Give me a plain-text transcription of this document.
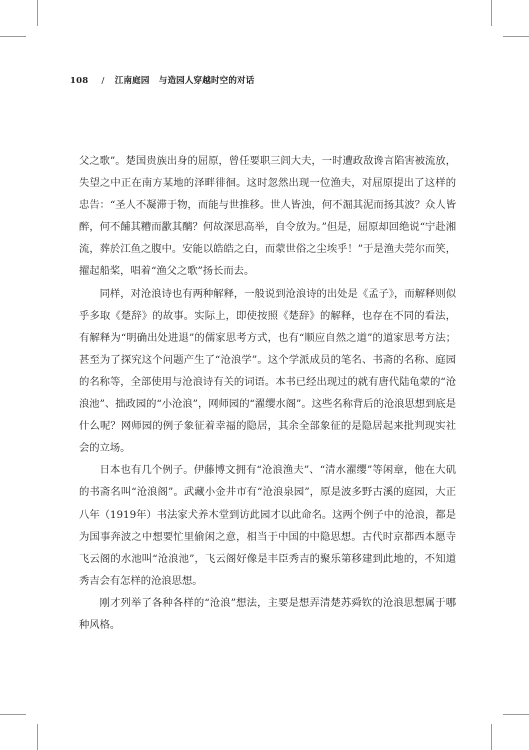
108 / 江南庭园 与造园人穿越时空的对话

父之歌”。楚国贵族出身的屈原，曾任要职三闾大夫，一时遭政敌谗言陷害被流放，失望之中正在南方某地的泽畔徘徊。这时忽然出现一位渔夫，对屈原提出了这样的忠告：“圣人不凝滞于物，而能与世推移。世人皆浊，何不淈其泥而扬其波？众人皆醉，何不餔其糟而歠其醨？何故深思高举，自令放为。”但是，屈原却回绝说“宁赴湘流，葬於江鱼之腹中。安能以皓皓之白，而蒙世俗之尘埃乎！”于是渔夫莞尔而笑，擢起船桨，唱着“渔父之歌”扬长而去。

同样，对沧浪诗也有两种解释，一般说到沧浪诗的出处是《孟子》，而解释则似乎多取《楚辞》的故事。实际上，即使按照《楚辞》的解释，也存在不同的看法，有解释为“明确出处进退”的儒家思考方式，也有“顺应自然之道”的道家思考方法；甚至为了探究这个问题产生了“沧浪学”。这个学派成员的笔名、书斋的名称、庭园的名称等，全部使用与沧浪诗有关的词语。本书已经出现过的就有唐代陆龟蒙的“沧浪池”、拙政园的“小沧浪”，网师园的“濯缨水阁”。这些名称背后的沧浪思想到底是什么呢？网师园的例子象征着幸福的隐居，其余全部象征的是隐居起来批判现实社会的立场。

日本也有几个例子。伊藤博文拥有“沧浪渔夫”、“清水濯缨”等闲章，他在大矶的书斋名叫“沧浪阁”。武藏小金井市有“沧浪泉园”，原是波多野古溪的庭园，大正八年（1919年）书法家犬养木堂到访此园才以此命名。这两个例子中的沧浪，都是为国事奔波之中想要忙里偷闲之意，相当于中国的中隐思想。古代时京都西本愿寺飞云阁的水池叫“沧浪池”，飞云阁好像是丰臣秀吉的聚乐第移建到此地的，不知道秀吉会有怎样的沧浪思想。

刚才列举了各种各样的“沧浪”想法，主要是想弄清楚苏舜钦的沧浪思想属于哪种风格。
